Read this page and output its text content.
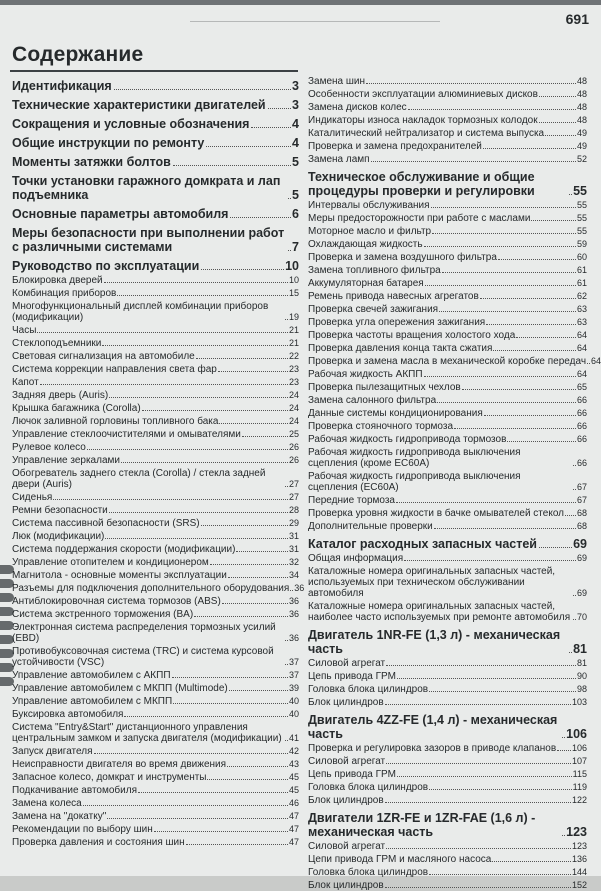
691
Содержание
Идентификация	3
Технические характеристики двигателей 3
Сокращения и условные обозначения	4
Общие инструкции по ремонту	4
Моменты затяжки болтов	5
Точки установки гаражного домкрата и лап подъемника	5
Основные параметры автомобиля	6
Меры безопасности при выполнении работ с различными системами	7
Руководство по эксплуатации	10
Блокировка дверей	10
Комбинация приборов	15
Многофункциональный дисплей комбинации приборов (модификации)	19
Часы	21
Стеклоподъемники	21
Световая сигнализация на автомобиле	22
Система коррекции направления света фар	23
Капот	23
Задняя дверь (Auris)	24
Крышка багажника (Corolla)	24
Лючок заливной горловины топливного бака	24
Управление стеклоочистителями и омывателями	25
Рулевое колесо	26
Управление зеркалами	26
Обогреватель заднего стекла (Corolla) / стекла задней двери (Auris)	27
Сиденья	27
Ремни безопасности	28
Система пассивной безопасности (SRS)	29
Люк (модификации)	31
Система поддержания скорости (модификации)	31
Управление отопителем и кондиционером	32
Магнитола - основные моменты эксплуатации	34
Разъемы для подключения дополнительного оборудования 36
Антиблокировочная система тормозов (ABS)	36
Система экстренного торможения (BA)	36
Электронная система распределения тормозных усилий (EBD)	36
Противобуксовочная система (TRC) и система курсовой устойчивости (VSC)	37
Управление автомобилем с АКПП	37
Управление автомобилем с МКПП (Multimode)	39
Управление автомобилем с МКПП	40
Буксировка автомобиля	40
Система "Entry&Start" дистанционного управления центральным замком и запуска двигателя (модификации) 41
Запуск двигателя	42
Неисправности двигателя во время движения	43
Запасное колесо, домкрат и инструменты	45
Подкачивание автомобиля	45
Замена колеса	46
Замена на "докатку"	47
Рекомендации по выбору шин	47
Проверка давления и состояния шин	47
Замена шин	48
Особенности эксплуатации алюминиевых дисков	48
Замена дисков колес	48
Индикаторы износа накладок тормозных колодок	48
Каталитический нейтрализатор и система выпуска	49
Проверка и замена предохранителей	49
Замена ламп	52
Техническое обслуживание и общие процедуры проверки и регулировки	55
Интервалы обслуживания	55
Меры предосторожности при работе с маслами	55
Моторное масло и фильтр	55
Охлаждающая жидкость	59
Проверка и замена воздушного фильтра	60
Замена топливного фильтра	61
Аккумуляторная батарея	61
Ремень привода навесных агрегатов	62
Проверка свечей зажигания	63
Проверка угла опережения зажигания	63
Проверка частоты вращения холостого хода	64
Проверка давления конца такта сжатия	64
Проверка и замена масла в механической коробке передач 64
Рабочая жидкость АКПП	64
Проверка пылезащитных чехлов	65
Замена салонного фильтра	66
Данные системы кондиционирования	66
Проверка стояночного тормоза	66
Рабочая жидкость гидропривода тормозов	66
Рабочая жидкость гидропривода выключения сцепления (кроме EC60A)	66
Рабочая жидкость гидропривода выключения сцепления (EC60A)	67
Передние тормоза	67
Проверка уровня жидкости в бачке омывателей стекол 68
Дополнительные проверки	68
Каталог расходных запасных частей	69
Общая информация	69
Каталожные номера оригинальных запасных частей, используемых при техническом обслуживании автомобиля	69
Каталожные номера оригинальных запасных частей, наиболее часто используемых при ремонте автомобиля 70
Двигатель 1NR-FE (1,3 л) - механическая часть	81
Силовой агрегат	81
Цепь привода ГРМ	90
Головка блока цилиндров	98
Блок цилиндров	103
Двигатель 4ZZ-FE (1,4 л) - механическая часть	106
Проверка и регулировка зазоров в приводе клапанов 106
Силовой агрегат	107
Цепь привода ГРМ	115
Головка блока цилиндров	119
Блок цилиндров	122
Двигатели 1ZR-FE и 1ZR-FAE (1,6 л) - механическая часть	123
Силовой агрегат	123
Цепи привода ГРМ и масляного насоса	136
Головка блока цилиндров	144
Блок цилиндров	152
